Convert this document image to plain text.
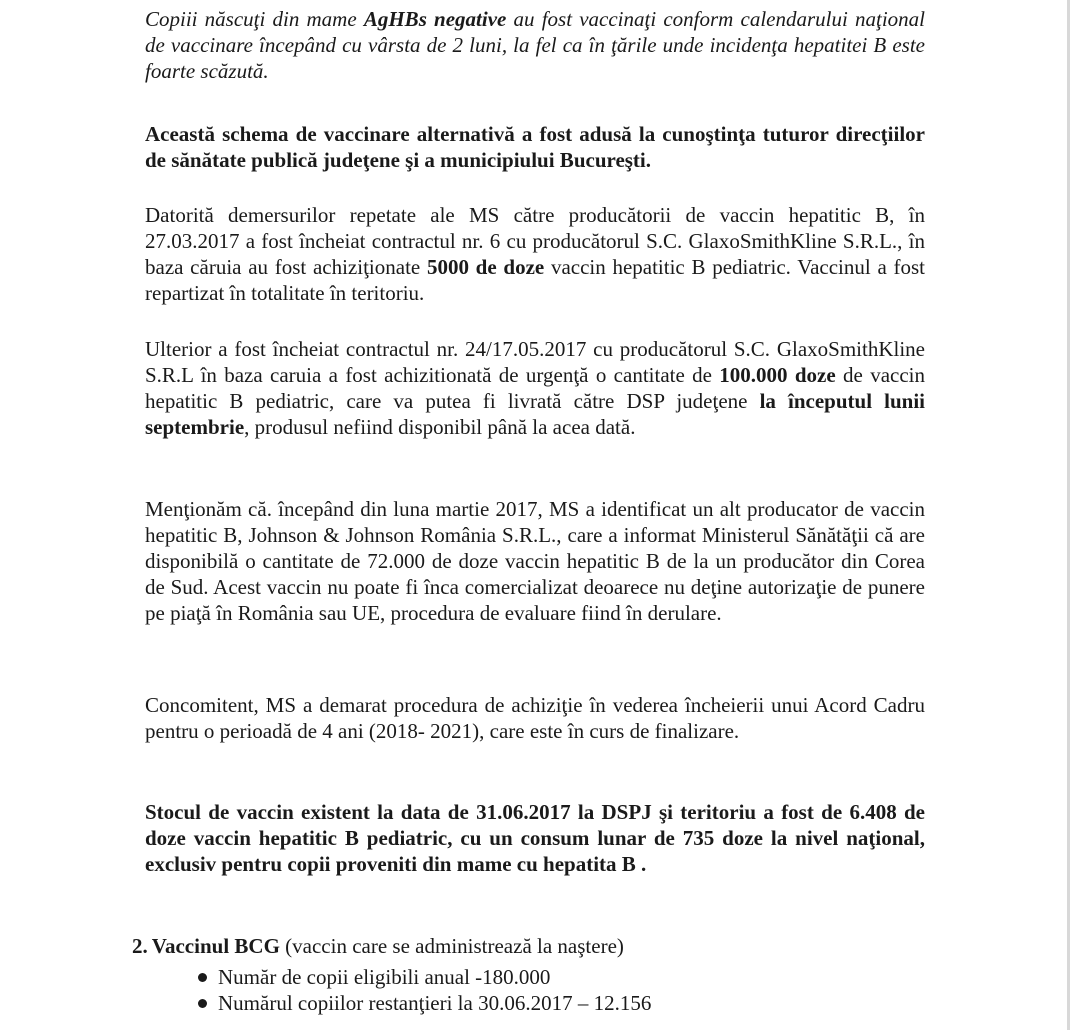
Copiii născuţi din mame AgHBs negative au fost vaccinaţi conform calendarului naţional de vaccinare începând cu vârsta de 2 luni, la fel ca în ţările unde incidenţa hepatitei B este foarte scăzută.

Această schema de vaccinare alternativă a fost adusă la cunoştinţa tuturor direcţiilor de sănătate publică judeţene şi a municipiului Bucureşti.

Datorită demersurilor repetate ale MS către producătorii de vaccin hepatitic B, în 27.03.2017 a fost încheiat contractul nr. 6 cu producătorul S.C. GlaxoSmithKline S.R.L., în baza căruia au fost achiziţionate 5000 de doze vaccin hepatitic B pediatric. Vaccinul a fost repartizat în totalitate în teritoriu.

Ulterior a fost încheiat contractul nr. 24/17.05.2017 cu producătorul S.C. GlaxoSmithKline S.R.L în baza caruia a fost achizitionată de urgenţă o cantitate de 100.000 doze de vaccin hepatitic B pediatric, care va putea fi livrată către DSP judeţene la începutul lunii septembrie, produsul nefiind disponibil până la acea dată.

Menţionăm că. începând din luna martie 2017, MS a identificat un alt producator de vaccin hepatitic B, Johnson & Johnson România S.R.L., care a informat Ministerul Sănătăţii că are disponibilă o cantitate de 72.000 de doze vaccin hepatitic B de la un producător din Corea de Sud. Acest vaccin nu poate fi înca comercializat deoarece nu deţine autorizaţie de punere pe piaţă în România sau UE, procedura de evaluare fiind în derulare.

Concomitent, MS a demarat procedura de achiziţie în vederea încheierii unui Acord Cadru pentru o perioadă de 4 ani (2018- 2021), care este în curs de finalizare.

Stocul de vaccin existent la data de 31.06.2017 la DSPJ şi teritoriu a fost de 6.408 de doze vaccin hepatitic B pediatric, cu un consum lunar de 735 doze la nivel naţional, exclusiv pentru copii proveniti din mame cu hepatita B .

2. Vaccinul BCG (vaccin care se administrează la naştere)

Număr de copii eligibili anual -180.000
Numărul copiilor restanţieri la 30.06.2017 – 12.156
